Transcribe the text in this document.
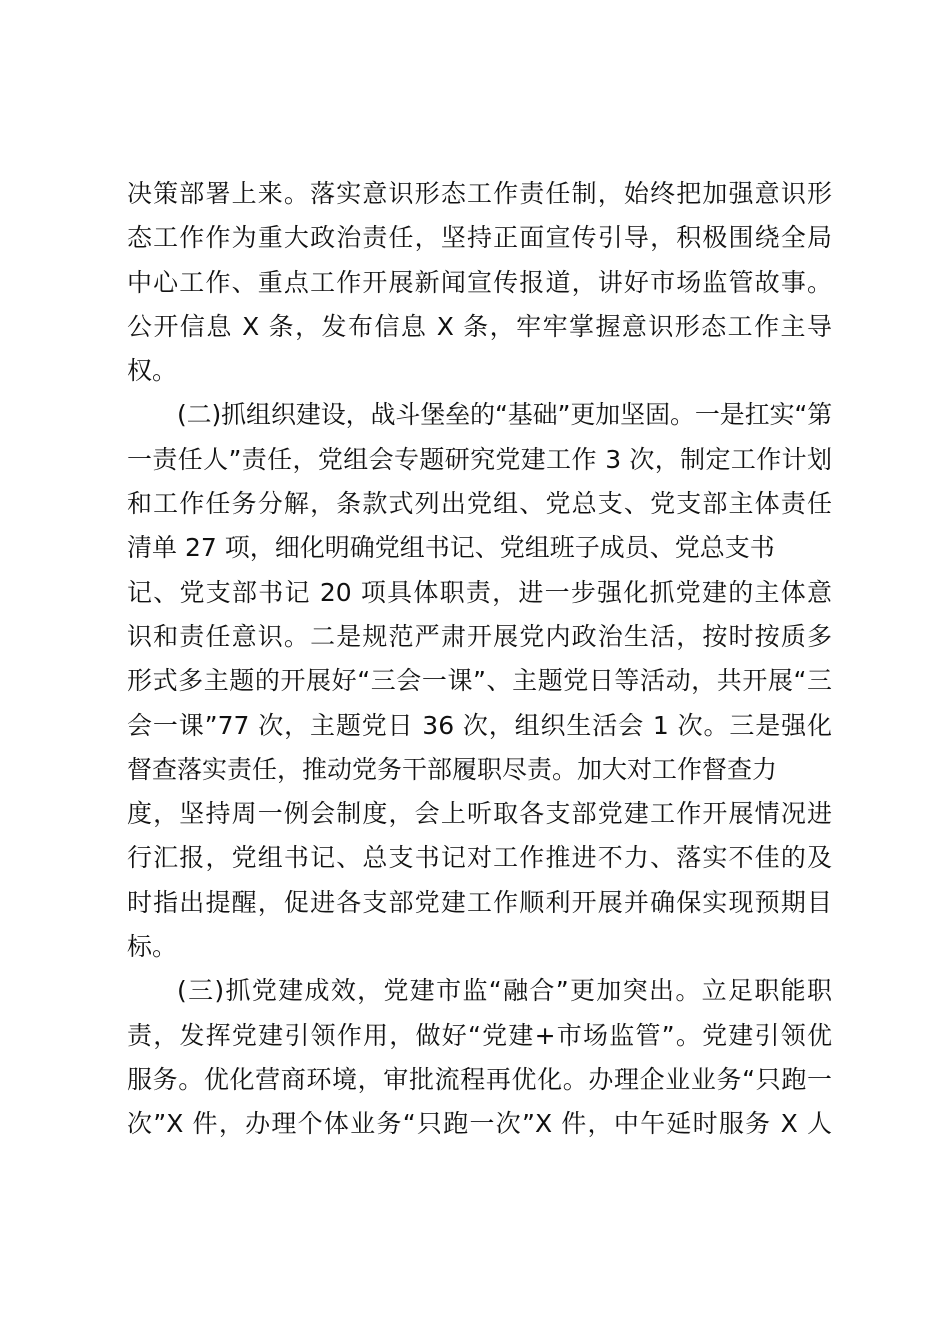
决策部署上来。落实意识形态工作责任制，始终把加强意识形
态工作作为重大政治责任，坚持正面宣传引导，积极围绕全局
中心工作、重点工作开展新闻宣传报道，讲好市场监管故事。
公开信息 X 条，发布信息 X 条，牢牢掌握意识形态工作主导
权。
(二)抓组织建设，战斗堡垒的“基础”更加坚固。一是扛实“第
一责任人”责任，党组会专题研究党建工作 3 次，制定工作计划
和工作任务分解，条款式列出党组、党总支、党支部主体责任
清单 27 项，细化明确党组书记、党组班子成员、党总支书
记、党支部书记 20 项具体职责，进一步强化抓党建的主体意
识和责任意识。二是规范严肃开展党内政治生活，按时按质多
形式多主题的开展好“三会一课”、主题党日等活动，共开展“三
会一课”77 次，主题党日 36 次，组织生活会 1 次。三是强化
督查落实责任，推动党务干部履职尽责。加大对工作督查力
度，坚持周一例会制度，会上听取各支部党建工作开展情况进
行汇报，党组书记、总支书记对工作推进不力、落实不佳的及
时指出提醒，促进各支部党建工作顺利开展并确保实现预期目
标。
(三)抓党建成效，党建市监“融合”更加突出。立足职能职
责，发挥党建引领作用，做好“党建+市场监管”。党建引领优
服务。优化营商环境，审批流程再优化。办理企业业务“只跑一
次”X 件，办理个体业务“只跑一次”X 件，中午延时服务 X 人
